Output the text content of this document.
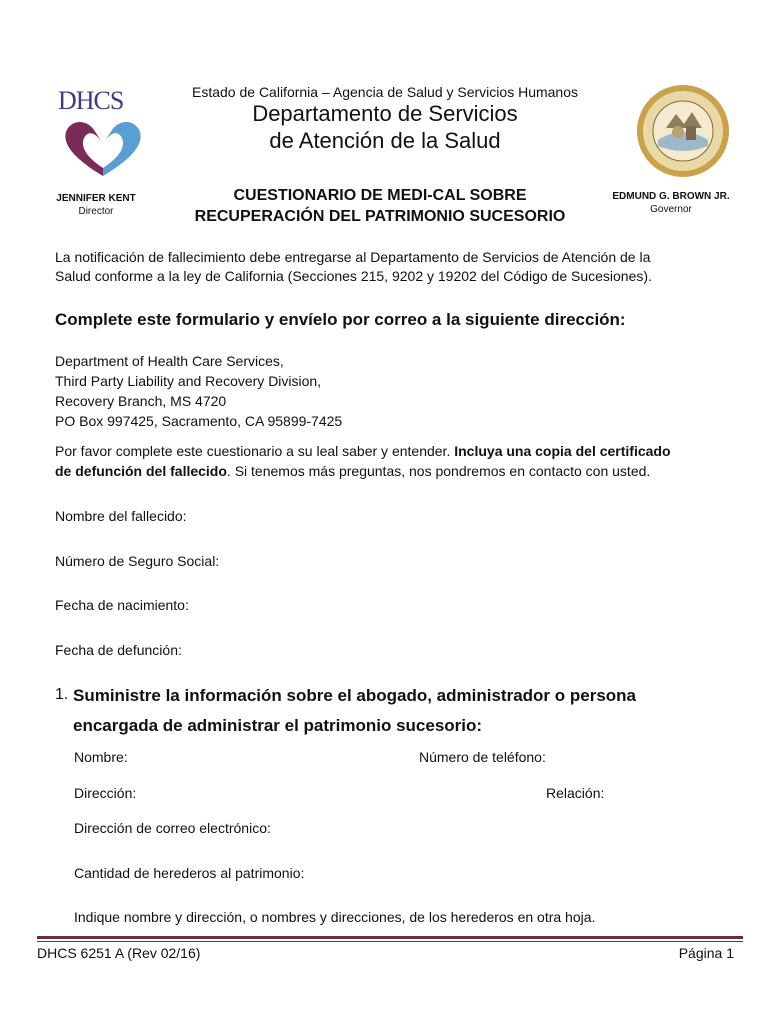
DHCS	Estado de California – Agencia de Salud y Servicios Humanos
Departamento de Servicios
de Atención de la Salud
JENNIFER KENT
Director
EDMUND G. BROWN JR.
Governor
CUESTIONARIO DE MEDI-CAL SOBRE
RECUPERACIÓN DEL PATRIMONIO SUCESORIO
La notificación de fallecimiento debe entregarse al Departamento de Servicios de Atención de la
Salud conforme a la ley de California (Secciones 215, 9202 y 19202 del Código de Sucesiones).
Complete este formulario y envíelo por correo a la siguiente dirección:
Department of Health Care Services,
Third Party Liability and Recovery Division,
Recovery Branch, MS 4720
PO Box 997425, Sacramento, CA 95899-7425
Por favor complete este cuestionario a su leal saber y entender. Incluya una copia del certificado
de defunción del fallecido. Si tenemos más preguntas, nos pondremos en contacto con usted.
Nombre del fallecido:
Número de Seguro Social:
Fecha de nacimiento:
Fecha de defunción:
1. Suministre la información sobre el abogado, administrador o persona
encargada de administrar el patrimonio sucesorio:
Nombre:	Número de teléfono:
Dirección:	Relación:
Dirección de correo electrónico:
Cantidad de herederos al patrimonio:
Indique nombre y dirección, o nombres y direcciones, de los herederos en otra hoja.
DHCS 6251 A (Rev 02/16)	Página 1
